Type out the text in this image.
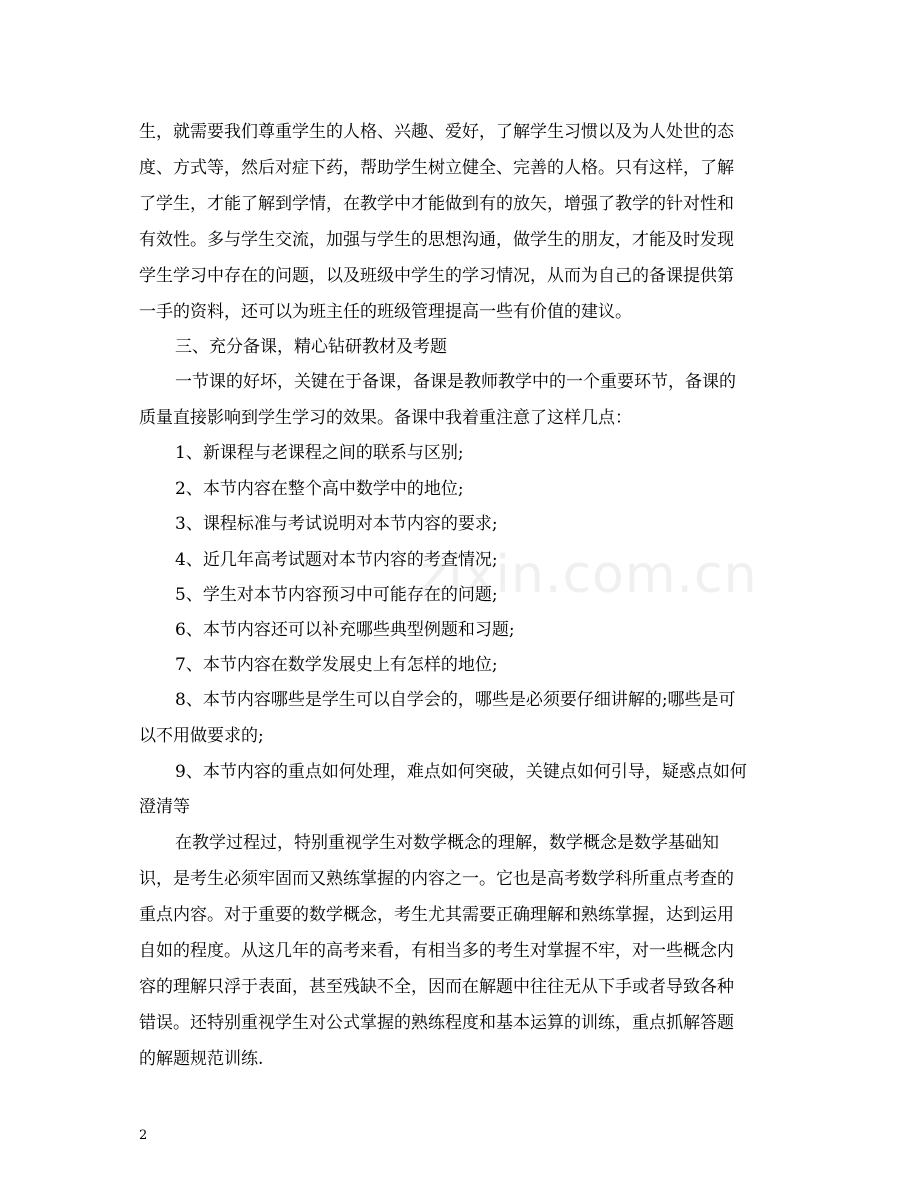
zixin.com.cn
生，就需要我们尊重学生的人格、兴趣、爱好，了解学生习惯以及为人处世的态
度、方式等，然后对症下药，帮助学生树立健全、完善的人格。只有这样，了解
了学生，才能了解到学情，在教学中才能做到有的放矢，增强了教学的针对性和
有效性。多与学生交流，加强与学生的思想沟通，做学生的朋友，才能及时发现
学生学习中存在的问题，以及班级中学生的学习情况，从而为自己的备课提供第
一手的资料，还可以为班主任的班级管理提高一些有价值的建议。
三、充分备课，精心钻研教材及考题
一节课的好坏，关键在于备课，备课是教师教学中的一个重要环节，备课的
质量直接影响到学生学习的效果。备课中我着重注意了这样几点：
1、新课程与老课程之间的联系与区别;
2、本节内容在整个高中数学中的地位;
3、课程标准与考试说明对本节内容的要求;
4、近几年高考试题对本节内容的考查情况;
5、学生对本节内容预习中可能存在的问题;
6、本节内容还可以补充哪些典型例题和习题;
7、本节内容在数学发展史上有怎样的地位;
8、本节内容哪些是学生可以自学会的，哪些是必须要仔细讲解的;哪些是可
以不用做要求的;
9、本节内容的重点如何处理，难点如何突破，关键点如何引导，疑惑点如何
澄清等
在教学过程过，特别重视学生对数学概念的理解，数学概念是数学基础知
识，是考生必须牢固而又熟练掌握的内容之一。它也是高考数学科所重点考查的
重点内容。对于重要的数学概念，考生尤其需要正确理解和熟练掌握，达到运用
自如的程度。从这几年的高考来看，有相当多的考生对掌握不牢，对一些概念内
容的理解只浮于表面，甚至残缺不全，因而在解题中往往无从下手或者导致各种
错误。还特别重视学生对公式掌握的熟练程度和基本运算的训练，重点抓解答题
的解题规范训练.
2
